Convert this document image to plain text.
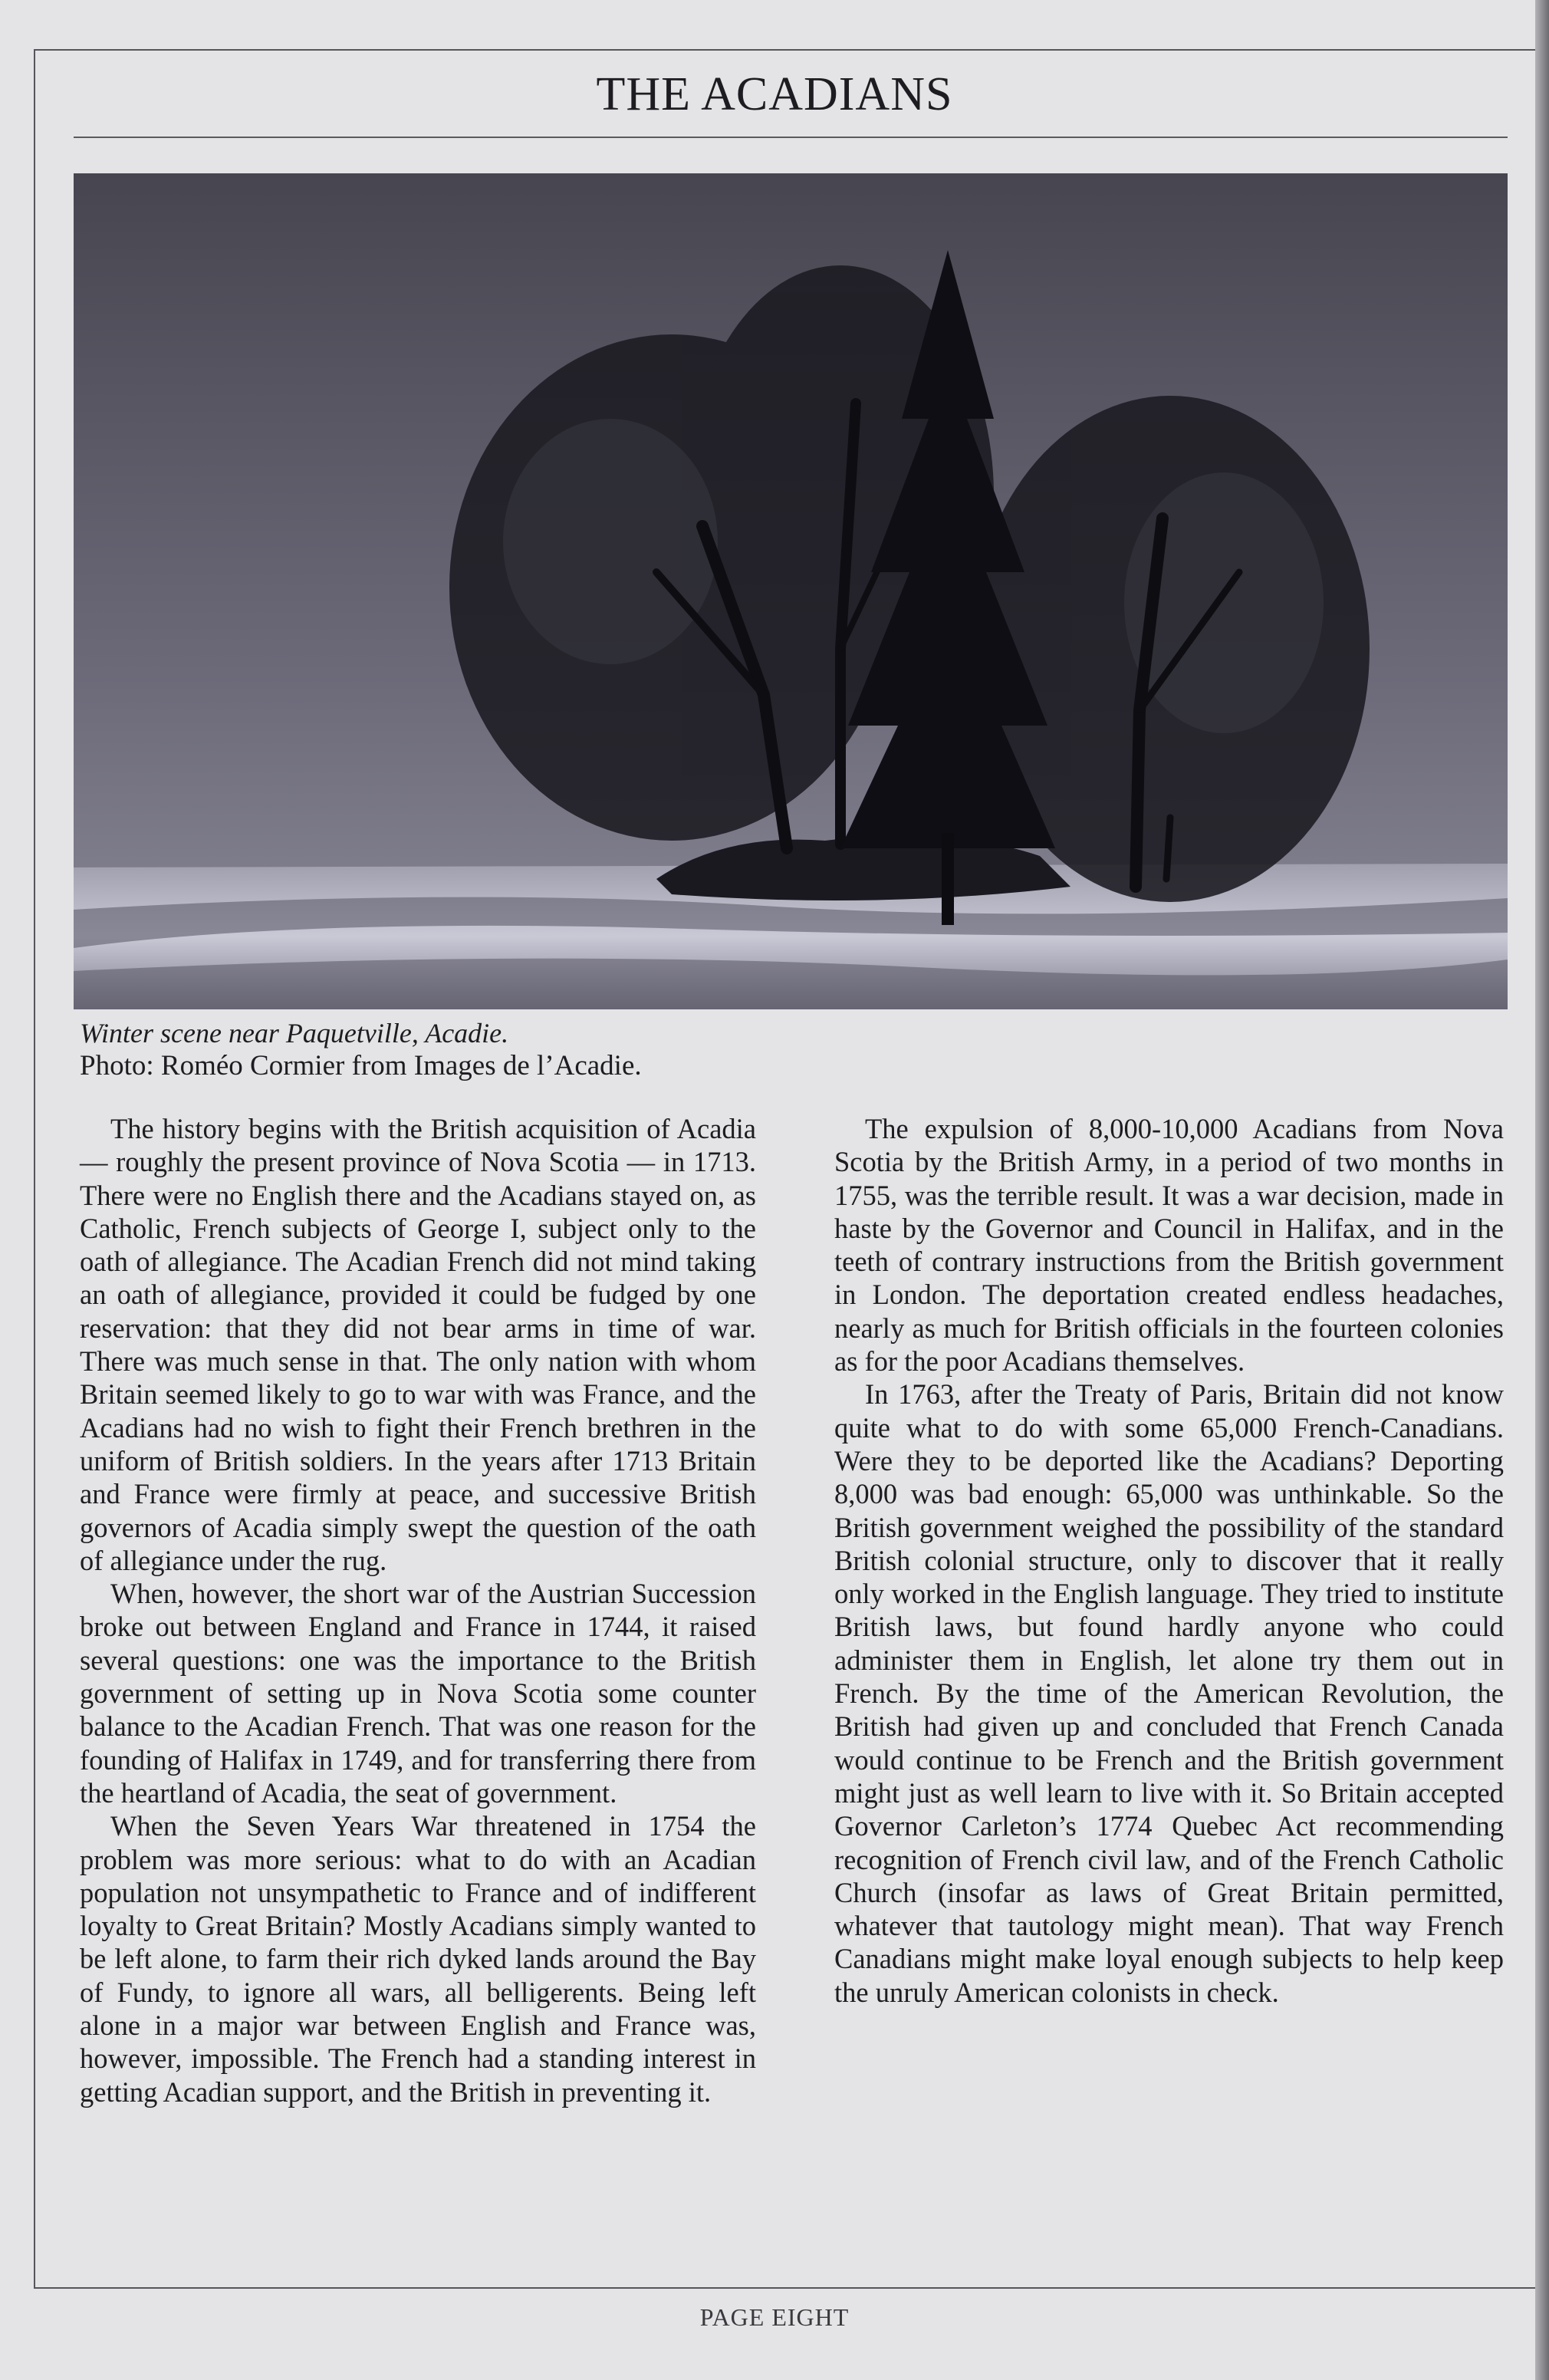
THE ACADIANS
Winter scene near Paquetville, Acadie.
Photo: Roméo Cormier from Images de l’Acadie.

The history begins with the British acquisition of Acadia — roughly the present province of Nova Scotia — in 1713. There were no English there and the Acadians stayed on, as Catholic, French subjects of George I, subject only to the oath of allegiance. The Acadian French did not mind taking an oath of allegiance, provided it could be fudged by one reservation: that they did not bear arms in time of war. There was much sense in that. The only nation with whom Britain seemed likely to go to war with was France, and the Acadians had no wish to fight their French brethren in the uniform of British soldiers. In the years after 1713 Britain and France were firmly at peace, and successive British governors of Acadia simply swept the question of the oath of allegiance under the rug.

When, however, the short war of the Austrian Succession broke out between England and France in 1744, it raised several questions: one was the importance to the British government of setting up in Nova Scotia some counter balance to the Acadian French. That was one reason for the founding of Halifax in 1749, and for transferring there from the heartland of Acadia, the seat of government.

When the Seven Years War threatened in 1754 the problem was more serious: what to do with an Acadian population not unsympathetic to France and of indifferent loyalty to Great Britain? Mostly Acadians simply wanted to be left alone, to farm their rich dyked lands around the Bay of Fundy, to ignore all wars, all belligerents. Being left alone in a major war between English and France was, however, impossible. The French had a standing interest in getting Acadian support, and the British in preventing it.

The expulsion of 8,000-10,000 Acadians from Nova Scotia by the British Army, in a period of two months in 1755, was the terrible result. It was a war decision, made in haste by the Governor and Council in Halifax, and in the teeth of contrary instructions from the British government in London. The deportation created endless headaches, nearly as much for British officials in the fourteen colonies as for the poor Acadians themselves.

In 1763, after the Treaty of Paris, Britain did not know quite what to do with some 65,000 French-Canadians. Were they to be deported like the Acadians? Deporting 8,000 was bad enough: 65,000 was unthinkable. So the British government weighed the possibility of the standard British colonial structure, only to discover that it really only worked in the English language. They tried to institute British laws, but found hardly anyone who could administer them in English, let alone try them out in French. By the time of the American Revolution, the British had given up and concluded that French Canada would continue to be French and the British government might just as well learn to live with it. So Britain accepted Governor Carleton’s 1774 Quebec Act recommending recognition of French civil law, and of the French Catholic Church (insofar as laws of Great Britain permitted, whatever that tautology might mean). That way French Canadians might make loyal enough subjects to help keep the unruly American colonists in check.

PAGE EIGHT
